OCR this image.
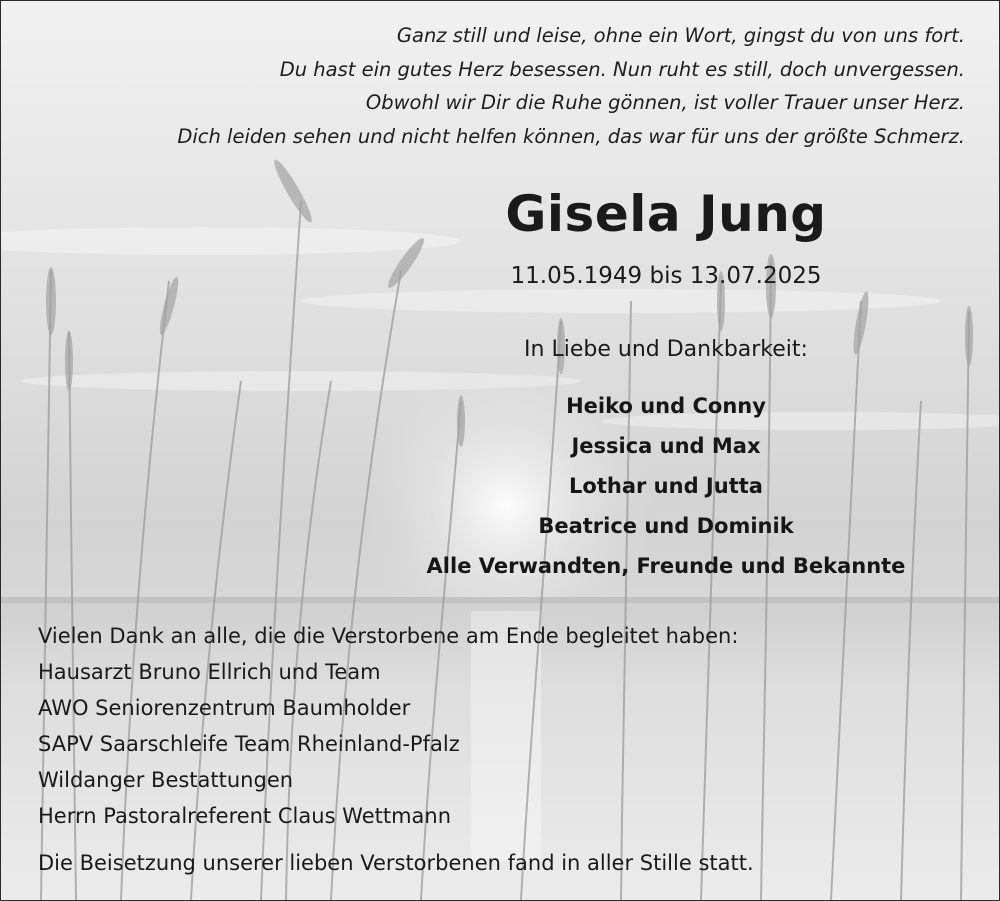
Ganz still und leise, ohne ein Wort, gingst du von uns fort.
Du hast ein gutes Herz besessen. Nun ruht es still, doch unvergessen.
Obwohl wir Dir die Ruhe gönnen, ist voller Trauer unser Herz.
Dich leiden sehen und nicht helfen können, das war für uns der größte Schmerz.
Gisela Jung
11.05.1949 bis 13.07.2025
In Liebe und Dankbarkeit:
Heiko und Conny
Jessica und Max
Lothar und Jutta
Beatrice und Dominik
Alle Verwandten, Freunde und Bekannte
Vielen Dank an alle, die die Verstorbene am Ende begleitet haben:
Hausarzt Bruno Ellrich und Team
AWO Seniorenzentrum Baumholder
SAPV Saarschleife Team Rheinland-Pfalz
Wildanger Bestattungen
Herrn Pastoralreferent Claus Wettmann
Die Beisetzung unserer lieben Verstorbenen fand in aller Stille statt.
